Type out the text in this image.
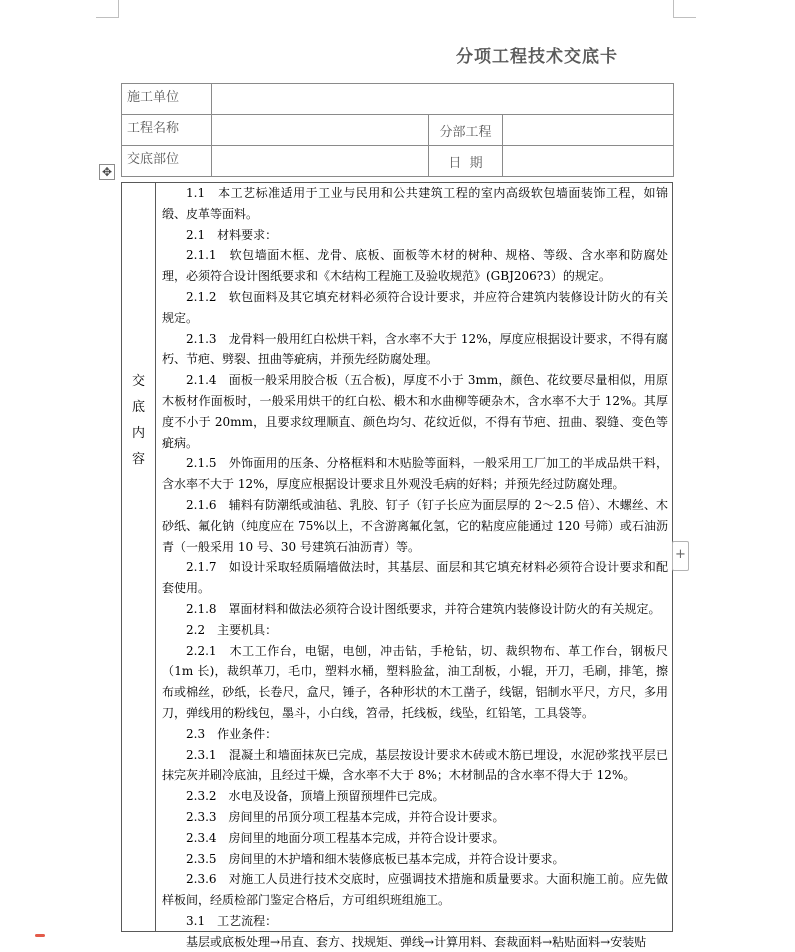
分项工程技术交底卡
✥
施工单位			
工程名称		分部工程	
交底部位		日  期	
交
底
内
容

1.1　本工艺标准适用于工业与民用和公共建筑工程的室内高级软包墙面装饰工程，如锦缎、皮革等面料。

2.1　材料要求：

2.1.1　软包墙面木框、龙骨、底板、面板等木材的树种、规格、等级、含水率和防腐处理，必须符合设计图纸要求和《木结构工程施工及验收规范》(GBJ206?3）的规定。

2.1.2　软包面料及其它填充材料必须符合设计要求，并应符合建筑内装修设计防火的有关规定。

2.1.3　龙骨料一般用红白松烘干料，含水率不大于 12%，厚度应根据设计要求，不得有腐朽、节疤、劈裂、扭曲等疵病，并预先经防腐处理。

2.1.4　面板一般采用胶合板（五合板)，厚度不小于 3mm，颜色、花纹要尽量相似，用原木板材作面板时，一般采用烘干的红白松、椴木和水曲柳等硬杂木，含水率不大于 12%。其厚度不小于 20mm，且要求纹理顺直、颜色均匀、花纹近似，不得有节疤、扭曲、裂缝、变色等疵病。

2.1.5　外饰面用的压条、分格框料和木贴脸等面料，一般采用工厂加工的半成品烘干料，含水率不大于 12%，厚度应根据设计要求且外观没毛病的好料；并预先经过防腐处理。

2.1.6　辅料有防潮纸或油毡、乳胶、钉子（钉子长应为面层厚的 2～2.5 倍）、木螺丝、木砂纸、氟化钠（纯度应在 75%以上，不含游离氟化氢，它的粘度应能通过 120 号筛）或石油沥青（一般采用 10 号、30 号建筑石油沥青）等。

2.1.7　如设计采取轻质隔墙做法时，其基层、面层和其它填充材料必须符合设计要求和配套使用。

2.1.8　罩面材料和做法必须符合设计图纸要求，并符合建筑内装修设计防火的有关规定。

2.2　主要机具：

2.2.1　木工工作台，电锯，电刨，冲击钻，手枪钻，切、裁织物布、革工作台，钢板尺（1m 长)，裁织革刀，毛巾，塑料水桶，塑料脸盆，油工刮板，小辊，开刀，毛刷，排笔，擦布或棉丝，砂纸，长卷尺，盒尺，锤子，各种形状的木工凿子，线锯，铝制水平尺，方尺，多用刀，弹线用的粉线包，墨斗，小白线，笤帚，托线板，线坠，红铅笔，工具袋等。

2.3　作业条件：

2.3.1　混凝土和墙面抹灰已完成，基层按设计要求木砖或木筋已埋设，水泥砂浆找平层已抹完灰并刷冷底油，且经过干燥，含水率不大于 8%；木材制品的含水率不得大于 12%。

2.3.2　水电及设备，顶墙上预留预埋件已完成。

2.3.3　房间里的吊顶分项工程基本完成，并符合设计要求。

2.3.4　房间里的地面分项工程基本完成，并符合设计要求。

2.3.5　房间里的木护墙和细木装修底板已基本完成，并符合设计要求。

2.3.6　对施工人员进行技术交底时，应强调技术措施和质量要求。大面积施工前。应先做样板间，经质检部门鉴定合格后，方可组织班组施工。

3.1　工艺流程：

基层或底板处理→吊直、套方、找规矩、弹线→计算用料、套裁面料→粘贴面料→安装贴

+
